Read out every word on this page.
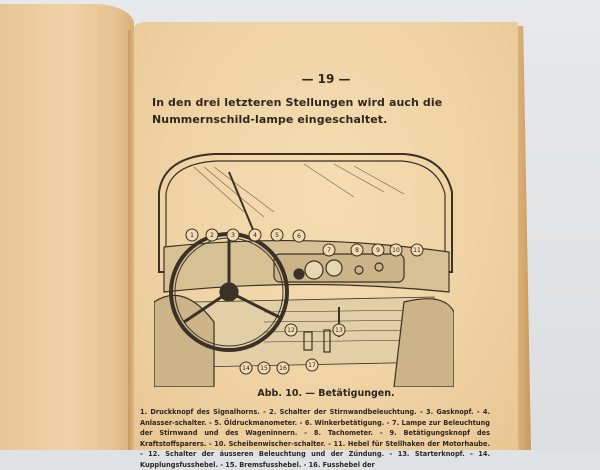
— 19 —
In den drei letzteren Stellungen wird auch die Nummernschild-lampe eingeschaltet.
1	2	3	4	5	6
7	8	9 10 11
12	13
14 15 16	17
Abb. 10. — Betätigungen.
1. Druckknopf des Signalhorns. - 2. Schalter der Stirnwandbeleuchtung. - 3. Gasknopf. - 4. Anlasser-schalter. - 5. Öldruckmanometer. - 6. Winkerbetätigung. - 7. Lampe zur Beleuchtung der Stirnwand und des Wageninnern. - 8. Tachometer. - 9. Betätigungsknopf des Kraftstoffsparers. - 10. Scheibenwischer-schalter. - 11. Hebel für Stellhaken der Motorhaube. - 12. Schalter der äusseren Beleuchtung und der Zündung. - 13. Starterknopf. - 14. Kupplungsfusshebel. - 15. Bremsfusshebel. - 16. Fusshebel der
